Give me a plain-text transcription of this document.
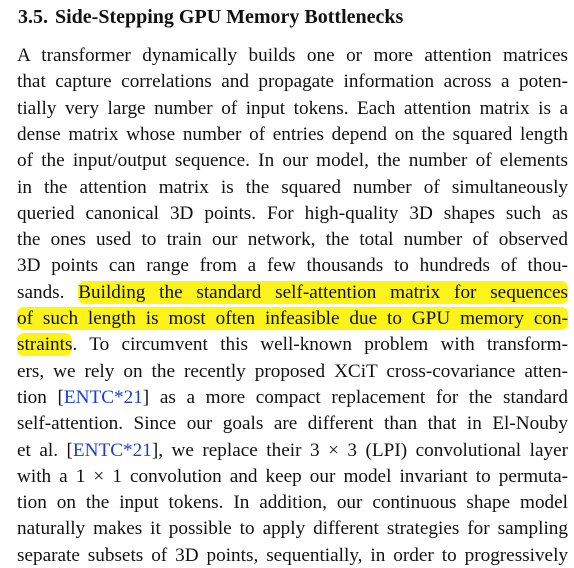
3.5. Side-Stepping GPU Memory Bottlenecks
A transformer dynamically builds one or more attention matrices
that capture correlations and propagate information across a poten-
tially very large number of input tokens. Each attention matrix is a
dense matrix whose number of entries depend on the squared length
of the input/output sequence. In our model, the number of elements
in the attention matrix is the squared number of simultaneously
queried canonical 3D points. For high-quality 3D shapes such as
the ones used to train our network, the total number of observed
3D points can range from a few thousands to hundreds of thou-
sands. Building the standard self-attention matrix for sequences
of such length is most often infeasible due to GPU memory con-
straints. To circumvent this well-known problem with transform-
ers, we rely on the recently proposed XCiT cross-covariance atten-
tion [ENTC*21] as a more compact replacement for the standard
self-attention. Since our goals are different than that in El-Nouby
et al. [ENTC*21], we replace their 3 × 3 (LPI) convolutional layer
with a 1 × 1 convolution and keep our model invariant to permuta-
tion on the input tokens. In addition, our continuous shape model
naturally makes it possible to apply different strategies for sampling
separate subsets of 3D points, sequentially, in order to progressively
